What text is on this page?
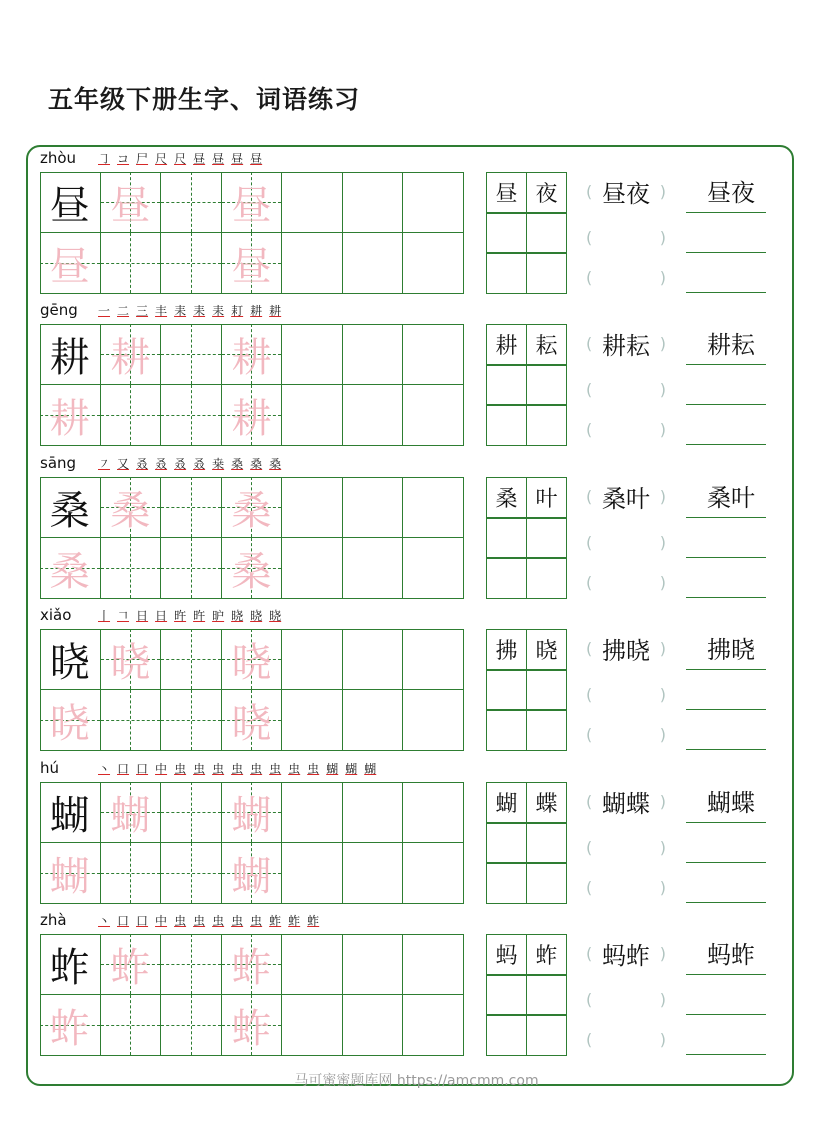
五年级下册生字、词语练习
zhòu	㇆ コ 尸 尺 尺 昼 昼 昼 昼
昼 昼 昼
昼	昼
昼 夜	( 昼夜 )
(	)
(	)
昼夜
gēng	一 二 三 丰 耒 耒 耒 耓 耕 耕
耕 耕 耕
耕	耕
耕 耘	( 耕耘 )
(	)
(	)
耕耘
sāng	㇇ 又 叒 叒 叒 叒 桒 桑 桑 桑
桑 桑 桑
桑	桑
桑 叶	( 桑叶 )
(	)
(	)
桑叶
xiǎo	丨 𠃍 日 日 旿 旿 昈 晓 晓 晓
晓 晓 晓
晓	晓
拂 晓	( 拂晓 )
(	)
(	)
拂晓
hú	丶 口 口 中 虫 虫 虫 虫 虫 虫 虫 虫 蝴 蝴 蝴
蝴 蝴 蝴
蝴	蝴
蝴 蝶	( 蝴蝶 )
(	)
(	)
蝴蝶
zhà	丶 口 口 中 虫 虫 虫 虫 虫 蚱 蚱 蚱
蚱 蚱 蚱
蚱	蚱
蚂 蚱	( 蚂蚱 )
(	)
(	)
蚂蚱
马可蜜蜜题库网 https://amcmm.com
